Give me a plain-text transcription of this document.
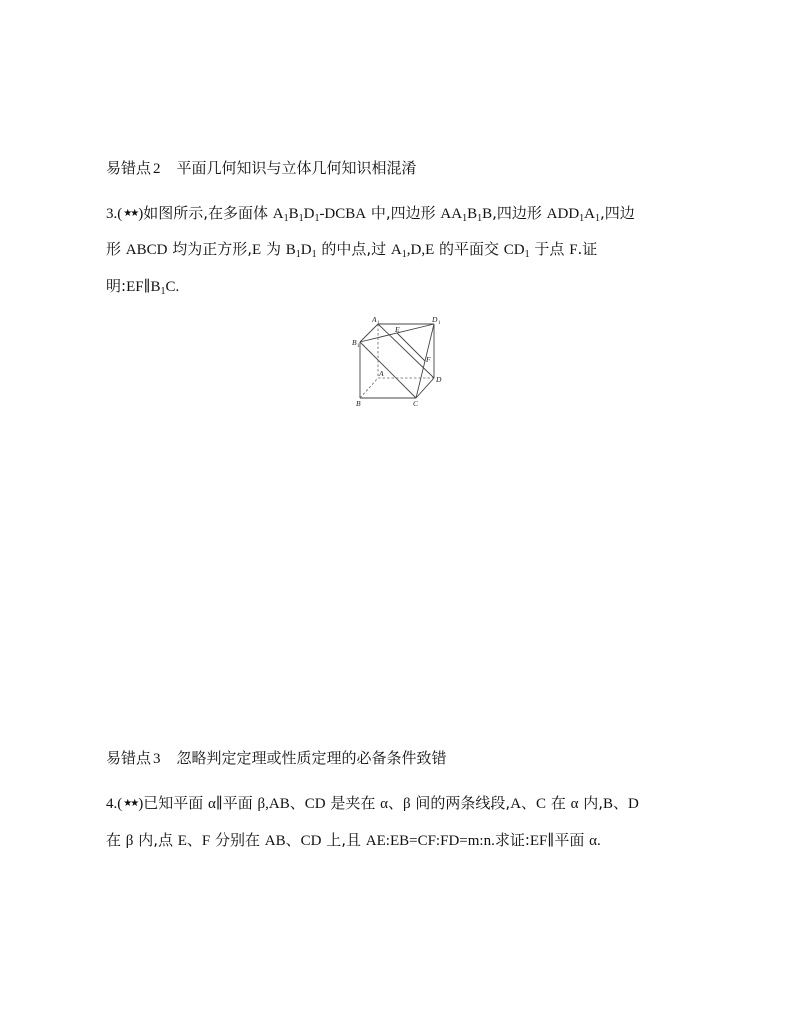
易错点 2 平面几何知识与立体几何知识相混淆
3.(★★)如图所示,在多面体 $A_1B_1D_1$-DCBA 中,四边形 $AA_1B_1B$,四边形 $ADD_1A_1$,四边
形 ABCD 均为正方形,E 为 $B_1D_1$ 的中点,过 $A_1,D,E$ 的平面交 $CD_1$ 于点 F.证
明$:EF\parallel B_1C$.
A 1	D 1
E
B 1
F
A
D
B	C
易错点 3 忽略判定定理或性质定理的必备条件致错
4.(★★)已知平面 α∥平面 β,AB、CD 是夹在 α、β 间的两条线段,A、C 在 α 内,B、D
在 β 内,点 E、F 分别在 AB、CD 上,且 AE:EB=CF:FD=m:n.求证:EF∥平面 α.
